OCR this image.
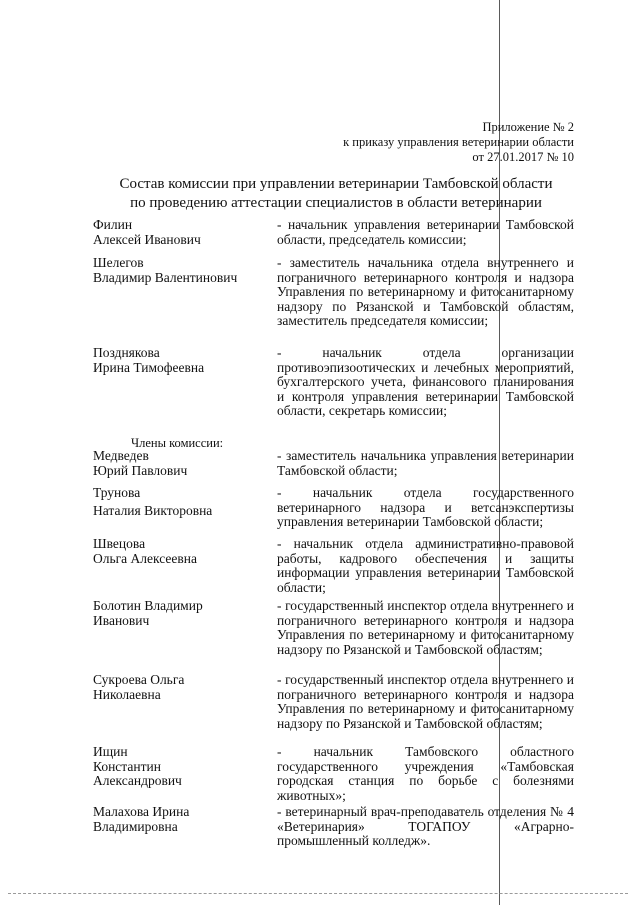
Приложение № 2
к приказу управления ветеринарии области
от 27.01.2017 № 10
Состав комиссии при управлении ветеринарии Тамбовской области
по проведению аттестации специалистов в области ветеринарии
Филин
Алексей Иванович
- начальник управления ветеринарии Тамбовской области, председатель комиссии;
Шелегов
Владимир Валентинович
- заместитель начальника отдела внутреннего и пограничного ветеринарного контроля и надзора Управления по ветеринарному и фитосанитарному надзору по Рязанской и Тамбовской областям, заместитель председателя комиссии;
Позднякова
Ирина Тимофеевна
- начальник отдела организации противоэпизоотических и лечебных мероприятий, бухгалтерского учета, финансового планирования и контроля управления ветеринарии Тамбовской области, секретарь комиссии;
Члены комиссии:
Медведев
Юрий Павлович
- заместитель начальника управления ветеринарии Тамбовской области;
Трунова
Наталия Викторовна
- начальник отдела государственного ветеринарного надзора и ветсанэкспертизы управления ветеринарии Тамбовской области;
Швецова
Ольга Алексеевна
- начальник отдела административно-правовой работы, кадрового обеспечения и защиты информации управления ветеринарии Тамбовской области;
Болотин Владимир
Иванович
- государственный инспектор отдела внутреннего и пограничного ветеринарного контроля и надзора Управления по ветеринарному и фитосанитарному надзору по Рязанской и Тамбовской областям;
Сукроева Ольга
Николаевна
- государственный инспектор отдела внутреннего и пограничного ветеринарного контроля и надзора Управления по ветеринарному и фитосанитарному надзору по Рязанской и Тамбовской областям;
Ищин
Константин
Александрович
- начальник Тамбовского областного государственного учреждения «Тамбовская городская станция по борьбе с болезнями животных»;
Малахова Ирина
Владимировна
- ветеринарный врач-преподаватель отделения № 4 «Ветеринария» ТОГАПОУ «Аграрно-промышленный колледж».
